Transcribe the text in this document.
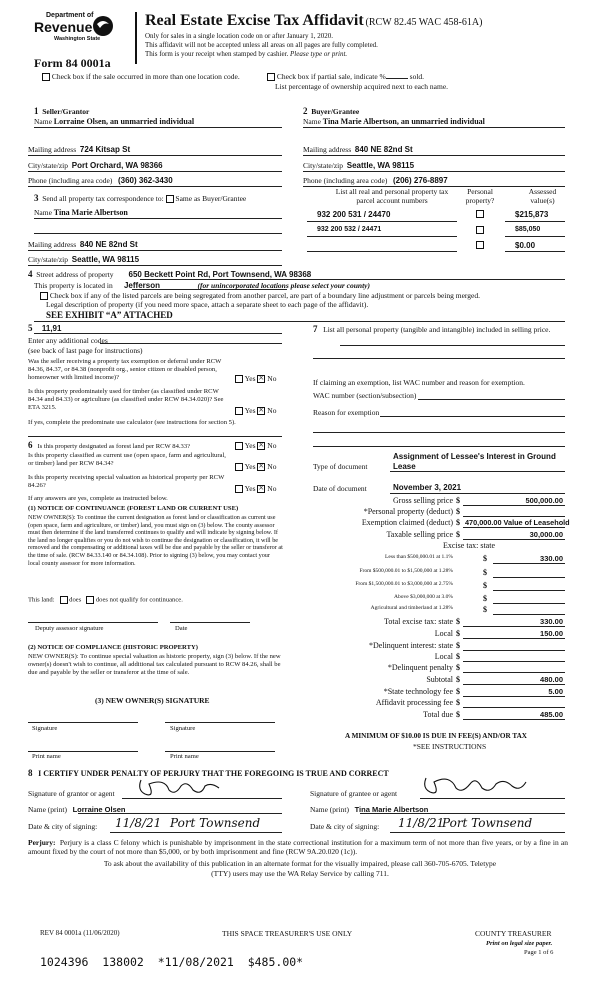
Department of
Revenue
Washington State
Form 84 0001a
Real Estate Excise Tax Affidavit (RCW 82.45 WAC 458-61A)
Only for sales in a single location code on or after January 1, 2020.
This affidavit will not be accepted unless all areas on all pages are fully completed.
This form is your receipt when stamped by cashier. Please type or print.
Check box if the sale occurred in more than one location code.	Check box if partial sale, indicate %	sold.
List percentage of ownership acquired next to each name.
1 Seller/Grantor
Name Lorraine Olsen, an unmarried individual
Mailing address 724 Kitsap St
City/state/zip Port Orchard, WA 98366
Phone (including area code) (360) 362-3430
2 Buyer/Grantee
Name Tina Marie Albertson, an unmarried individual
Mailing address 840 NE 82nd St
City/state/zip Seattle, WA 98115
Phone (including area code) (206) 276-8897
3 Send all property tax correspondence to: Same as Buyer/Grantee
Name Tina Marie Albertson
Mailing address 840 NE 82nd St
City/state/zip Seattle, WA 98115
List all real and personal property tax parcel account numbers
Personal property?
Assessed value(s)
932 200 531 / 24470	$215,873
932 200 532 / 24471	$85,050
$0.00
4 Street address of property 650 Beckett Point Rd, Port Townsend, WA 98368
This property is located in Jefferson	(for unincorporated locations please select your county)
Check box if any of the listed parcels are being segregated from another parcel, are part of a boundary line adjustment or parcels being merged.
Legal description of property (if you need more space, attach a separate sheet to each page of the affidavit).
SEE EXHIBIT “A” ATTACHED
5 11,91
Enter any additional codes
(see back of last page for instructions)
Was the seller receiving a property tax exemption or deferral under RCW 84.36, 84.37, or 84.38 (nonprofit org., senior citizen or disabled person, homeowner with limited income)?	Yes × No
Is this property predominately used for timber (as classified under RCW 84.34 and 84.33) or agriculture (as classified under RCW 84.34.020)? See ETA 3215.	Yes × No
If yes, complete the predominate use calculator (see instructions for section 5).
6 Is this property designated as forest land per RCW 84.33?	Yes × No
Is this property classified as current use (open space, farm and agricultural, or timber) land per RCW 84.34?	Yes × No
Is this property receiving special valuation as historical property per RCW 84.26?	Yes × No
If any answers are yes, complete as instructed below.
(1) NOTICE OF CONTINUANCE (FOREST LAND OR CURRENT USE)
NEW OWNER(S): To continue the current designation as forest land or classification as current use (open space, farm and agriculture, or timber) land, you must sign on (3) below. The county assessor must then determine if the land transferred continues to qualify and will indicate by signing below. If the land no longer qualifies or you do not wish to continue the designation or classification, it will be removed and the compensating or additional taxes will be due and payable by the seller or transferor at the time of sale. (RCW 84.33.140 or 84.34.108). Prior to signing (3) below, you may contact your local county assessor for more information.
This land: does does not qualify for continuance.
Deputy assessor signature	Date
(2) NOTICE OF COMPLIANCE (HISTORIC PROPERTY)
NEW OWNER(S): To continue special valuation as historic property, sign (3) below. If the new owner(s) doesn't wish to continue, all additional tax calculated pursuant to RCW 84.26, shall be due and payable by the seller or transferor at the time of sale.
(3) NEW OWNER(S) SIGNATURE
Signature	Signature
Print name	Print name
7 List all personal property (tangible and intangible) included in selling price.
If claiming an exemption, list WAC number and reason for exemption.
WAC number (section/subsection)
Reason for exemption
Type of document
Assignment of Lessee's Interest in Ground Lease
Date of document	November 3, 2021
Gross selling price $	500,000.00
*Personal property (deduct) $
Exemption claimed (deduct) $ 470,000.00 Value of Leasehold
Taxable selling price $	30,000.00
Excise tax: state
Less than $500,000.01 at 1.1%	$	330.00
From $500,000.01 to $1,500,000 at 1.28%	$
From $1,500,000.01 to $3,000,000 at 2.75%	$
Above $3,000,000 at 3.0%	$
Agricultural and timberland at 1.28%	$
Total excise tax: state $	330.00
Local $	150.00
*Delinquent interest: state $
Local $
*Delinquent penalty $
Subtotal $	480.00
*State technology fee $	5.00
Affidavit processing fee $
Total due $	485.00
A MINIMUM OF $10.00 IS DUE IN FEE(S) AND/OR TAX
*SEE INSTRUCTIONS
8 I CERTIFY UNDER PENALTY OF PERJURY THAT THE FOREGOING IS TRUE AND CORRECT
Signature of grantor or agent
Name (print) Lorraine Olsen
Date & city of signing: 11/8/21 Port Townsend
Signature of grantee or agent
Name (print) Tina Marie Albertson
Date & city of signing: 11/8/21
Port Townsend
Perjury: Perjury is a class C felony which is punishable by imprisonment in the state correctional institution for a maximum term of not more than five years, or by a fine in an amount fixed by the court of not more than $5,000, or by both imprisonment and fine (RCW 9A.20.020 (1c)).
To ask about the availability of this publication in an alternate format for the visually impaired, please call 360-705-6705. Teletype
(TTY) users may use the WA Relay Service by calling 711.
REV 84 0001a (11/06/2020)	THIS SPACE TREASURER'S USE ONLY	COUNTY TREASURER
Print on legal size paper.
Page 1 of 6
1024396  138002  *11/08/2021  $485.00*
